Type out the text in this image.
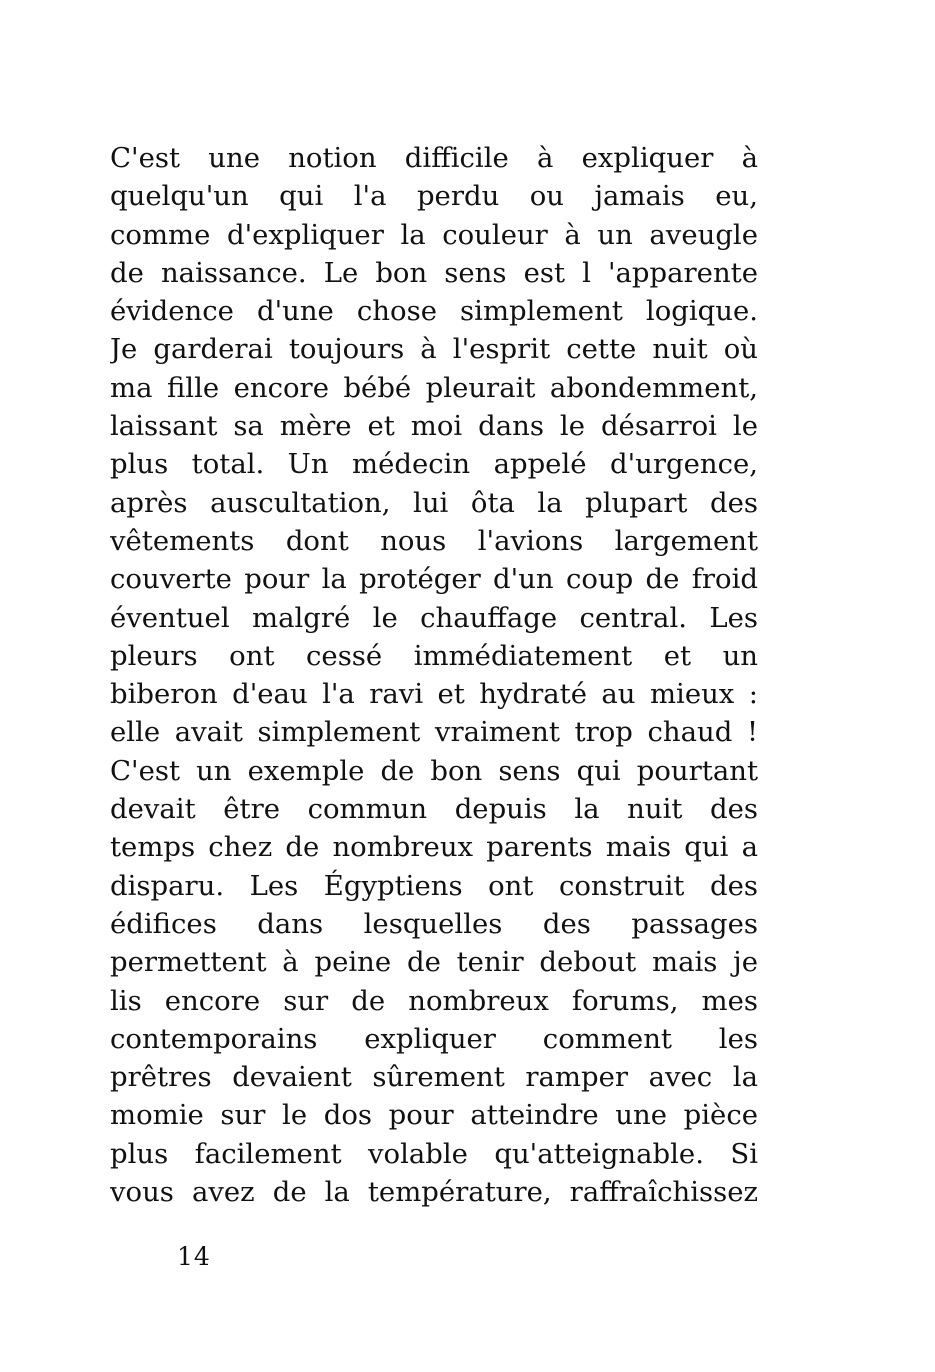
C'est une notion difficile à expliquer à
quelqu'un qui l'a perdu ou jamais eu,
comme d'expliquer la couleur à un aveugle
de naissance. Le bon sens est l 'apparente
évidence d'une chose simplement logique.
Je garderai toujours à l'esprit cette nuit où
ma fille encore bébé pleurait abondemment,
laissant sa mère et moi dans le désarroi le
plus total. Un médecin appelé d'urgence,
après auscultation, lui ôta la plupart des
vêtements dont nous l'avions largement
couverte pour la protéger d'un coup de froid
éventuel malgré le chauffage central. Les
pleurs ont cessé immédiatement et un
biberon d'eau l'a ravi et hydraté au mieux :
elle avait simplement vraiment trop chaud !
C'est un exemple de bon sens qui pourtant
devait être commun depuis la nuit des
temps chez de nombreux parents mais qui a
disparu. Les Égyptiens ont construit des
édifices dans lesquelles des passages
permettent à peine de tenir debout mais je
lis encore sur de nombreux forums, mes
contemporains expliquer comment les
prêtres devaient sûrement ramper avec la
momie sur le dos pour atteindre une pièce
plus facilement volable qu'atteignable. Si
vous avez de la température, raffraîchissez
14
